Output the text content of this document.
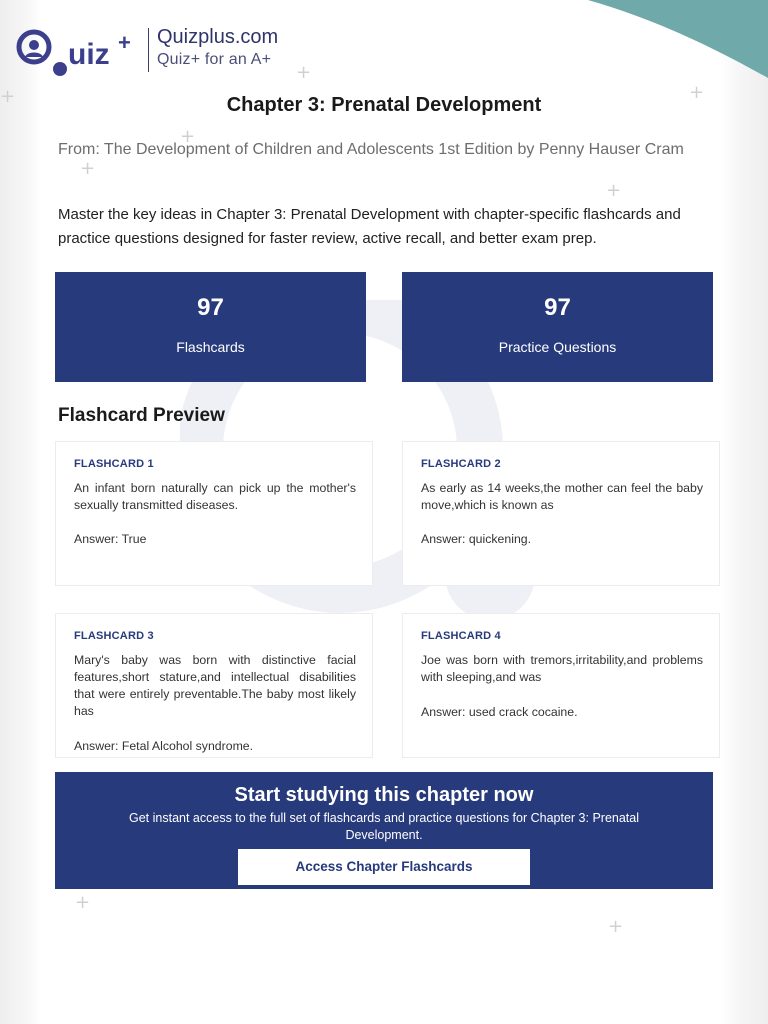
+	+
+
+
+
+
+
+
uiz + Quizplus.com
Quiz+ for an A+
Chapter 3: Prenatal Development
From: The Development of Children and Adolescents 1st Edition by Penny Hauser Cram
Master the key ideas in Chapter 3: Prenatal Development with chapter-specific flashcards and practice questions designed for faster review, active recall, and better exam prep.
97
Flashcards
97
Practice Questions
Flashcard Preview
FLASHCARD 1
An infant born naturally can pick up the mother's sexually transmitted diseases.
Answer: True
FLASHCARD 2
As early as 14 weeks,the mother can feel the baby move,which is known as
Answer: quickening.
FLASHCARD 3
Mary's baby was born with distinctive facial features,short stature,and intellectual disabilities that were entirely preventable.The baby most likely has
Answer: Fetal Alcohol syndrome.
FLASHCARD 4
Joe was born with tremors,irritability,and problems with sleeping,and was
Answer: used crack cocaine.
Start studying this chapter now
Get instant access to the full set of flashcards and practice questions for Chapter 3: Prenatal Development.
Access Chapter Flashcards
